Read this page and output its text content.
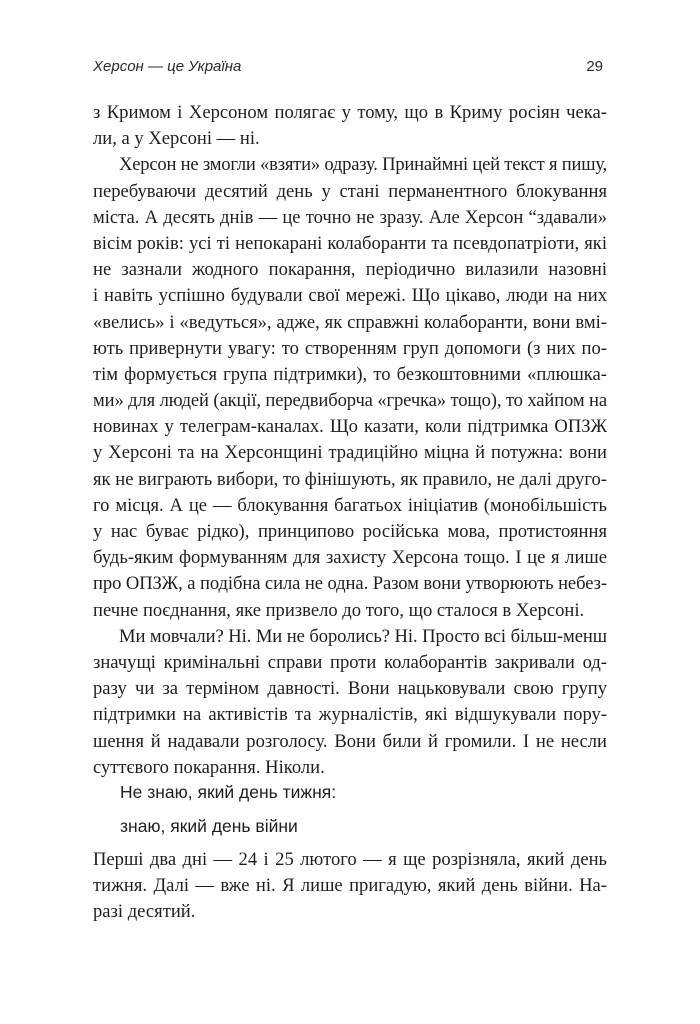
Херсон — це Україна	29
з Кримом і Херсоном полягає у тому, що в Криму росіян чека-
ли, а у Херсоні — ні.
Херсон не змогли «взяти» одразу. Принаймні цей текст я пишу,
перебуваючи десятий день у стані перманентного блокування
міста. А десять днів — це точно не зразу. Але Херсон “здавали»
вісім років: усі ті непокарані колаборанти та псевдопатріоти, які
не зазнали жодного покарання, періодично вилазили назовні
і навіть успішно будували свої мережі. Що цікаво, люди на них
«велись» і «ведуться», адже, як справжні колаборанти, вони вмі-
ють привернути увагу: то створенням груп допомоги (з них по-
тім формується група підтримки), то безкоштовними «плюшка-
ми» для людей (акції, передвиборча «гречка» тощо), то хайпом на
новинах у телеграм-каналах. Що казати, коли підтримка ОПЗЖ
у Херсоні та на Херсонщині традиційно міцна й потужна: вони
як не виграють вибори, то фінішують, як правило, не далі друго-
го місця. А це — блокування багатьох ініціатив (монобільшість
у нас буває рідко), принципово російська мова, протистояння
будь-яким формуванням для захисту Херсона тощо. І це я лише
про ОПЗЖ, а подібна сила не одна. Разом вони утворюють небез-
печне поєднання, яке призвело до того, що сталося в Херсоні.
Ми мовчали? Ні. Ми не боролись? Ні. Просто всі більш-менш
значущі кримінальні справи проти колаборантів закривали од-
разу чи за терміном давності. Вони нацьковували свою групу
підтримки на активістів та журналістів, які відшукували пору-
шення й надавали розголосу. Вони били й громили. І не несли
суттєвого покарання. Ніколи.
Не знаю, який день тижня:
знаю, який день війни
Перші два дні — 24 і 25 лютого — я ще розрізняла, який день
тижня. Далі — вже ні. Я лише пригадую, який день війни. На-
разі десятий.
